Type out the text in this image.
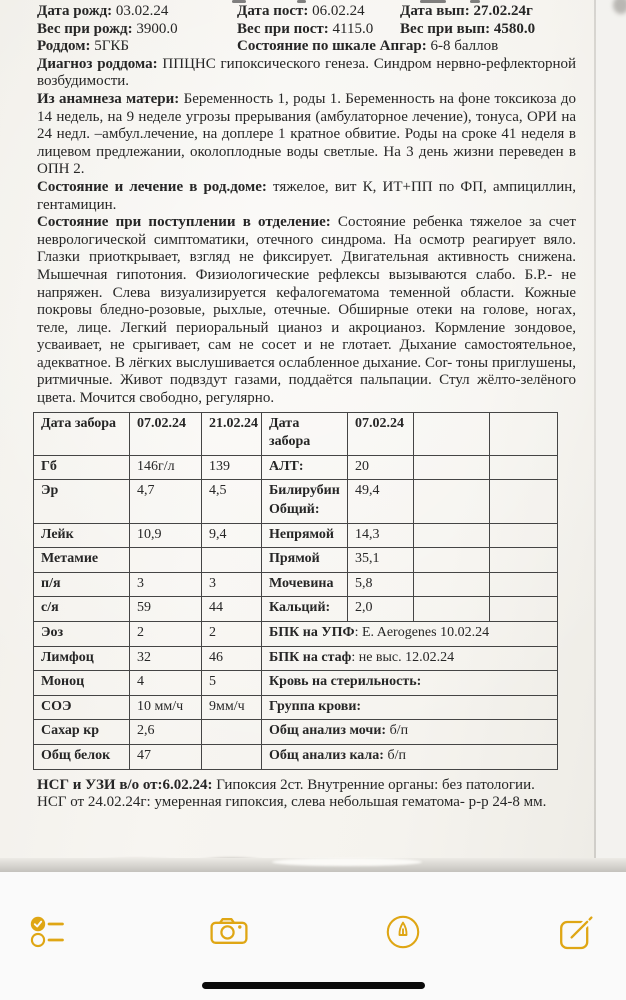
Дата рожд: 03.02.24	Дата пост: 06.02.24	Дата вып: 27.02.24г
Вес при рожд: 3900.0	Вес при пост: 4115.0	Вес при вып: 4580.0
Роддом: 5ГКБ	Состояние по шкале Апгар: 6-8 баллов

Диагноз роддома: ППЦНС гипоксического генеза. Синдром нервно-рефлекторной возбудимости.

Из анамнеза матери: Беременность 1, роды 1. Беременность на фоне токсикоза до 14 недель, на 9 неделе угрозы прерывания (амбулаторное лечение), тонуса, ОРИ на 24 недл. –амбул.лечение, на доплере 1 кратное обвитие. Роды на сроке 41 неделя в лицевом предлежании, околоплодные воды светлые. На 3 день жизни переведен в ОПН 2.

Состояние и лечение в род.доме: тяжелое, вит К, ИТ+ПП по ФП, ампициллин, гентамицин.

Состояние при поступлении в отделение: Состояние ребенка тяжелое за счет неврологической симптоматики, отечного синдрома. На осмотр реагирует вяло. Глазки приоткрывает, взгляд не фиксирует. Двигательная активность снижена. Мышечная гипотония. Физиологические рефлексы вызываются слабо. Б.Р.- не напряжен. Слева визуализируется кефалогематома теменной области. Кожные покровы бледно-розовые, рыхлые, отечные. Обширные отеки на голове, ногах, теле, лице. Легкий периоральный цианоз и акроцианоз. Кормление зондовое, усваивает, не срыгивает, сам не сосет и не глотает. Дыхание самостоятельное, адекватное. В лёгких выслушивается ослабленное дыхание. Cor- тоны приглушены, ритмичные. Живот подвздут газами, поддаётся пальпации. Стул жёлто-зелёного цвета. Мочится свободно, регулярно.

Дата забора	07.02.24	21.02.24	Дата забора	07.02.24		
Гб	146г/л	139	АЛТ:	20		
Эр	4,7	4,5	Билирубин Общий:	49,4		
Лейк	10,9	9,4	Непрямой	14,3		
Метамие			Прямой	35,1		
п/я	3	3	Мочевина	5,8		
с/я	59	44	Кальций:	2,0		
Эоз	2	2	БПК на УПФ: E. Aerogenes 10.02.24			
Лимфоц	32	46	БПК на стаф: не выс. 12.02.24			
Моноц	4	5	Кровь на стерильность:			
СОЭ	10 мм/ч	9мм/ч	Группа крови:			
Сахар кр	2,6		Общ анализ мочи: б/п			
Общ белок	47		Общ анализ кала: б/п			

НСГ и УЗИ в/о от:6.02.24: Гипоксия 2ст. Внутренние органы: без патологии.

НСГ от 24.02.24г: умеренная гипоксия, слева небольшая гематома- р-р 24-8 мм.
